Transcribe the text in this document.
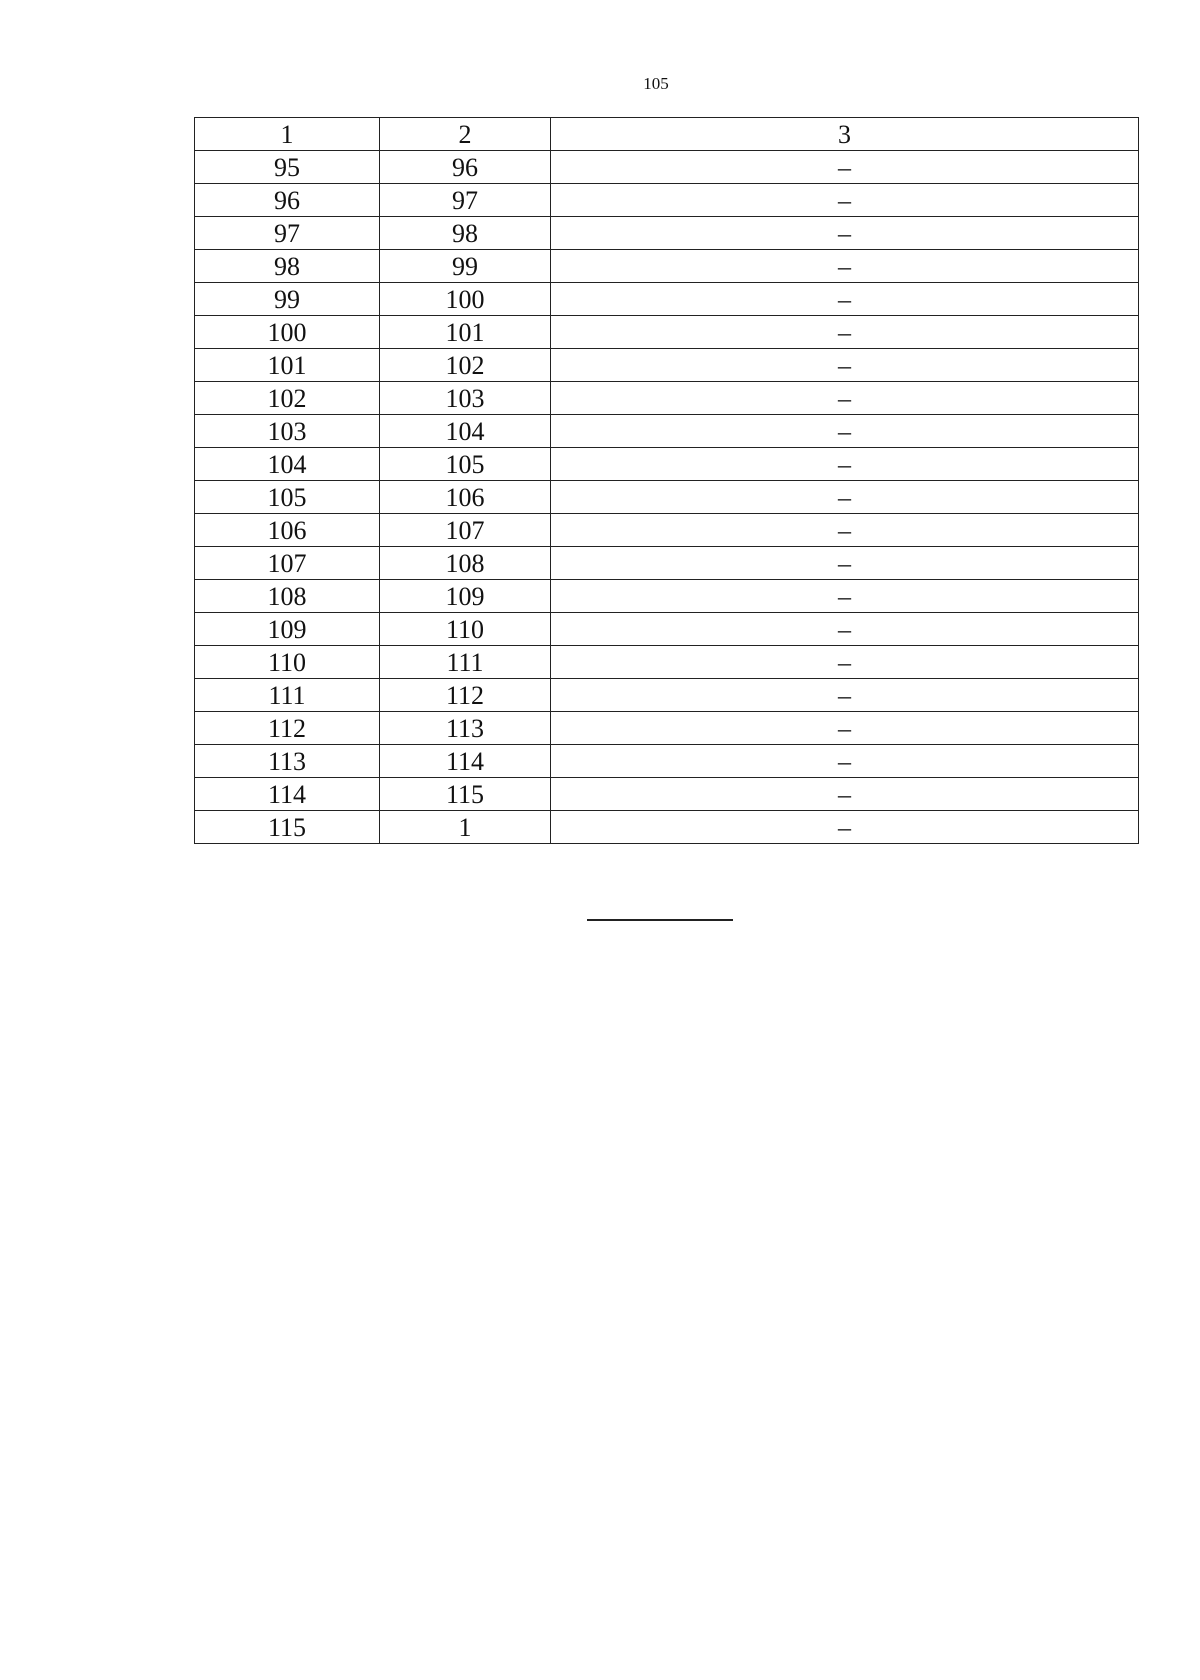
105
1	2	3
95	96	–
96	97	–
97	98	–
98	99	–
99	100	–
100	101	–
101	102	–
102	103	–
103	104	–
104	105	–
105	106	–
106	107	–
107	108	–
108	109	–
109	110	–
110	111	–
111	112	–
112	113	–
113	114	–
114	115	–
115	1	–
